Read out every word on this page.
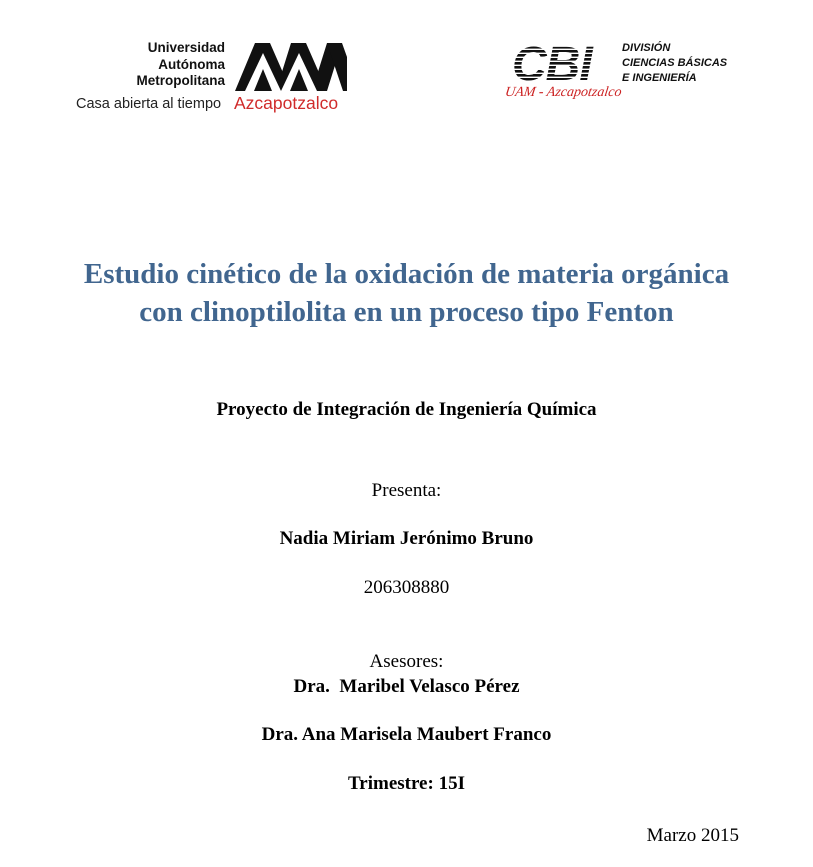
Universidad
Autónoma
Metropolitana
Casa abierta al tiempo Azcapotzalco
CBI	DIVISIÓN
CIENCIAS BÁSICAS
E INGENIERÍA
UAM - Azcapotzalco
Estudio cinético de la oxidación de materia orgánica con clinoptilolita en un proceso tipo Fenton
Proyecto de Integración de Ingeniería Química
Presenta:
Nadia Miriam Jerónimo Bruno
206308880
Asesores:
Dra.  Maribel Velasco Pérez
Dra. Ana Marisela Maubert Franco
Trimestre: 15I
Marzo 2015
